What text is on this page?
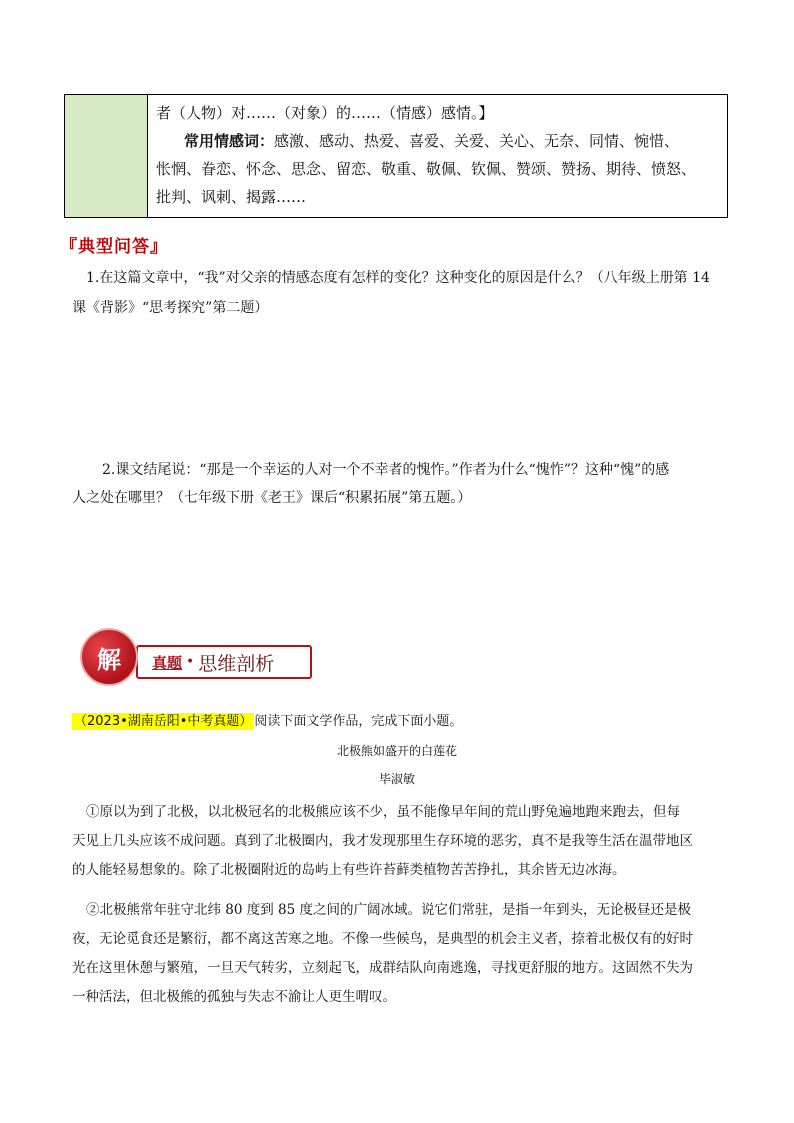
者（人物）对……（对象）的……（情感）感情。】
常用情感词：感激、感动、热爱、喜爱、关爱、关心、无奈、同情、惋惜、
怅惘、眷恋、怀念、思念、留恋、敬重、敬佩、钦佩、赞颂、赞扬、期待、愤怒、
批判、讽刺、揭露……
『典型问答』
1.在这篇文章中，“我”对父亲的情感态度有怎样的变化？这种变化的原因是什么？（八年级上册第 14
课《背影》“思考探究”第二题）
2.课文结尾说：“那是一个幸运的人对一个不幸者的愧怍。”作者为什么“愧怍”？这种“愧”的感
人之处在哪里？（七年级下册《老王》课后“积累拓展”第五题。）
真题 • 思维剖析
解
（2023•湖南岳阳•中考真题） 阅读下面文学作品，完成下面小题。
北极熊如盛开的白莲花
毕淑敏
①原以为到了北极，以北极冠名的北极熊应该不少，虽不能像早年间的荒山野兔遍地跑来跑去，但每
天见上几头应该不成问题。真到了北极圈内，我才发现那里生存环境的恶劣，真不是我等生活在温带地区
的人能轻易想象的。除了北极圈附近的岛屿上有些许苔藓类植物苦苦挣扎，其余皆无边冰海。
②北极熊常年驻守北纬 80 度到 85 度之间的广阔冰域。说它们常驻，是指一年到头，无论极昼还是极
夜，无论觅食还是繁衍，都不离这苦寒之地。不像一些候鸟，是典型的机会主义者，捺着北极仅有的好时
光在这里休憩与繁殖，一旦天气转劣，立刻起飞，成群结队向南逃逸，寻找更舒服的地方。这固然不失为
一种活法，但北极熊的孤独与失志不渝让人更生喟叹。
